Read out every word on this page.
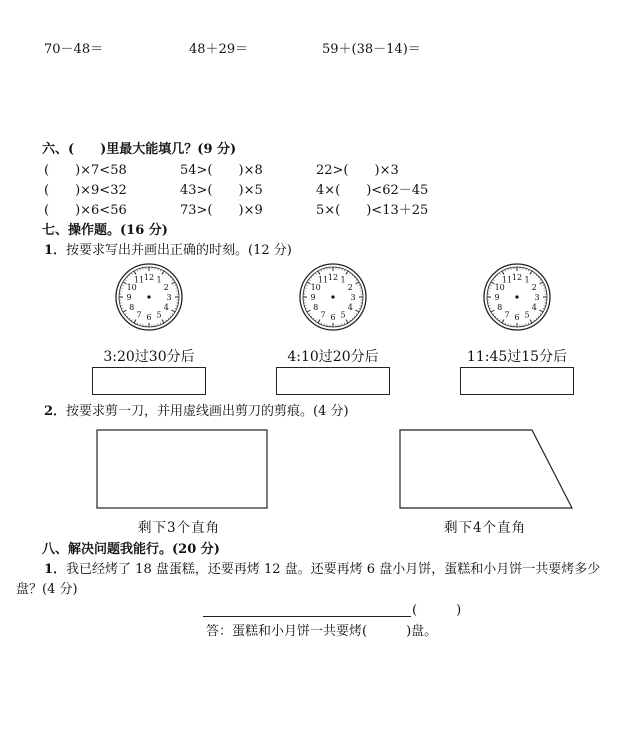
70－48＝	48＋29＝	59＋(38－14)＝
六、(　　)里最大能填几？(9 分)
(　　)×7<58	54>(　　)×8	22>(　　)×3
(　　)×9<32	43>(　　)×5	4×(　　)<62－45
(　　)×6<56	73>(　　)×9	5×(　　)<13＋25
七、操作题。(16 分)
1．按要求写出并画出正确的时刻。(12 分)
12 1
2
3
4
5
6
7
8
9
10
11	12 1
2
3
4
5
6
7
8
9
10
11	12 1
2
3
4
5
6
7
8
9
10
11
3:20过30分后	4:10过20分后	11:45过15分后
2．按要求剪一刀，并用虚线画出剪刀的剪痕。(4 分)
剩下3个直角	剩下4个直角
八、解决问题我能行。(20 分)
1．我已经烤了 18 盘蛋糕，还要再烤 12 盘。还要再烤 6 盘小月饼，蛋糕和小月饼一共要烤多少
盘？(4 分)
(　　　)
答：蛋糕和小月饼一共要烤(　　　)盘。
